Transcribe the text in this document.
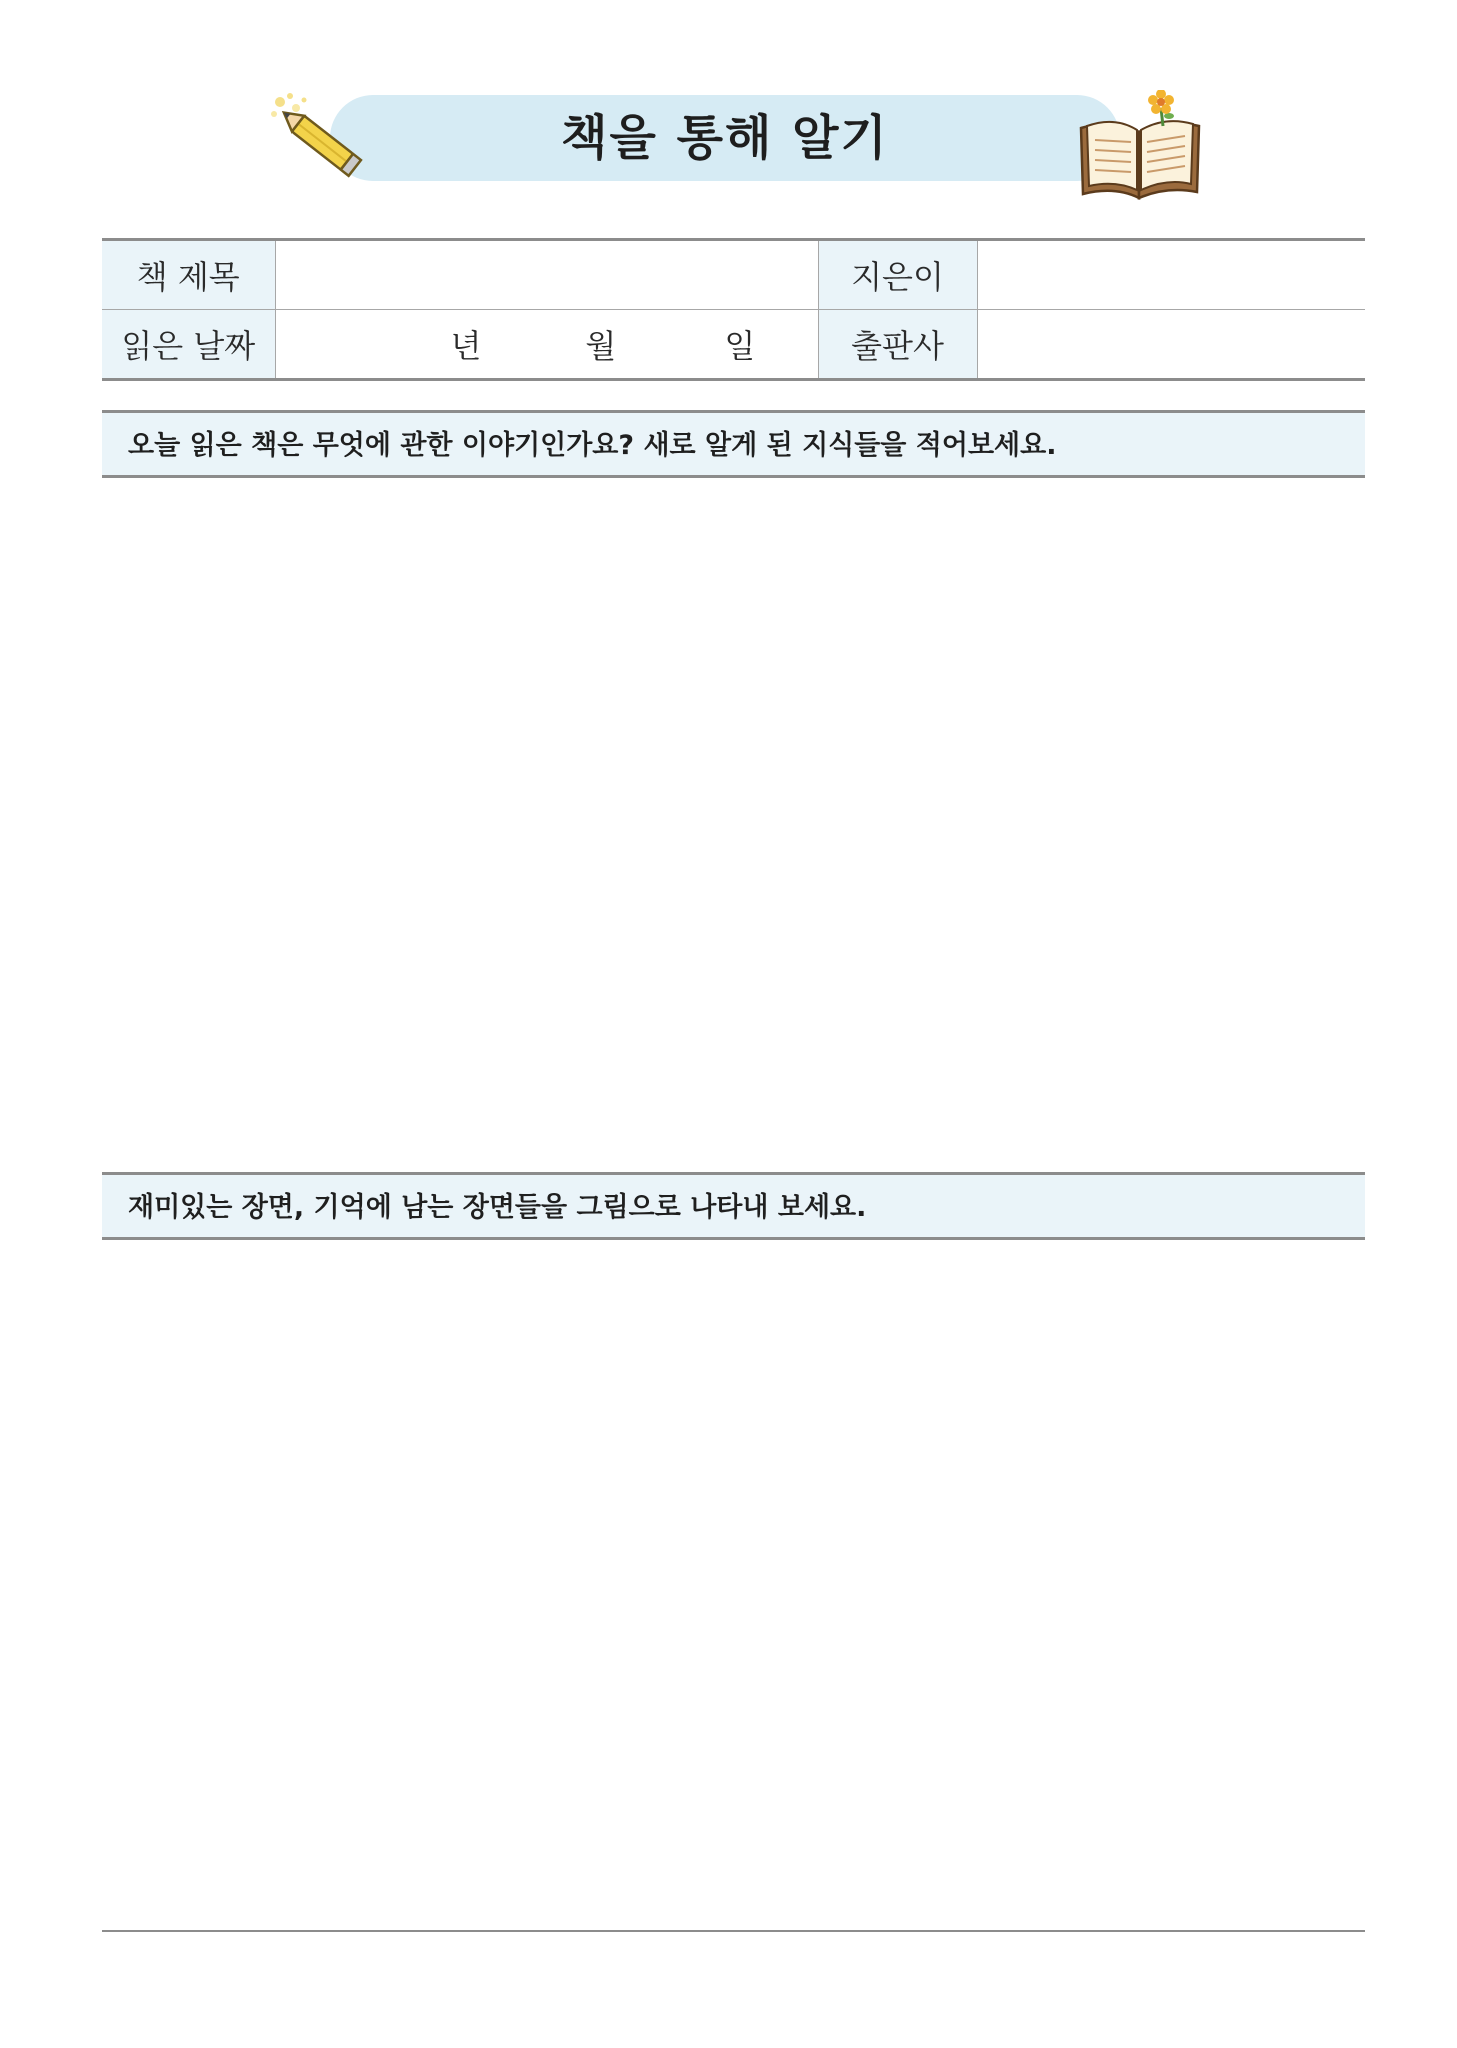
책을 통해 알기
책 제목		지은이	
읽은 날짜	년 월 일	출판사	
오늘 읽은 책은 무엇에 관한 이야기인가요? 새로 알게 된 지식들을 적어보세요.
재미있는 장면, 기억에 남는 장면들을 그림으로 나타내 보세요.
